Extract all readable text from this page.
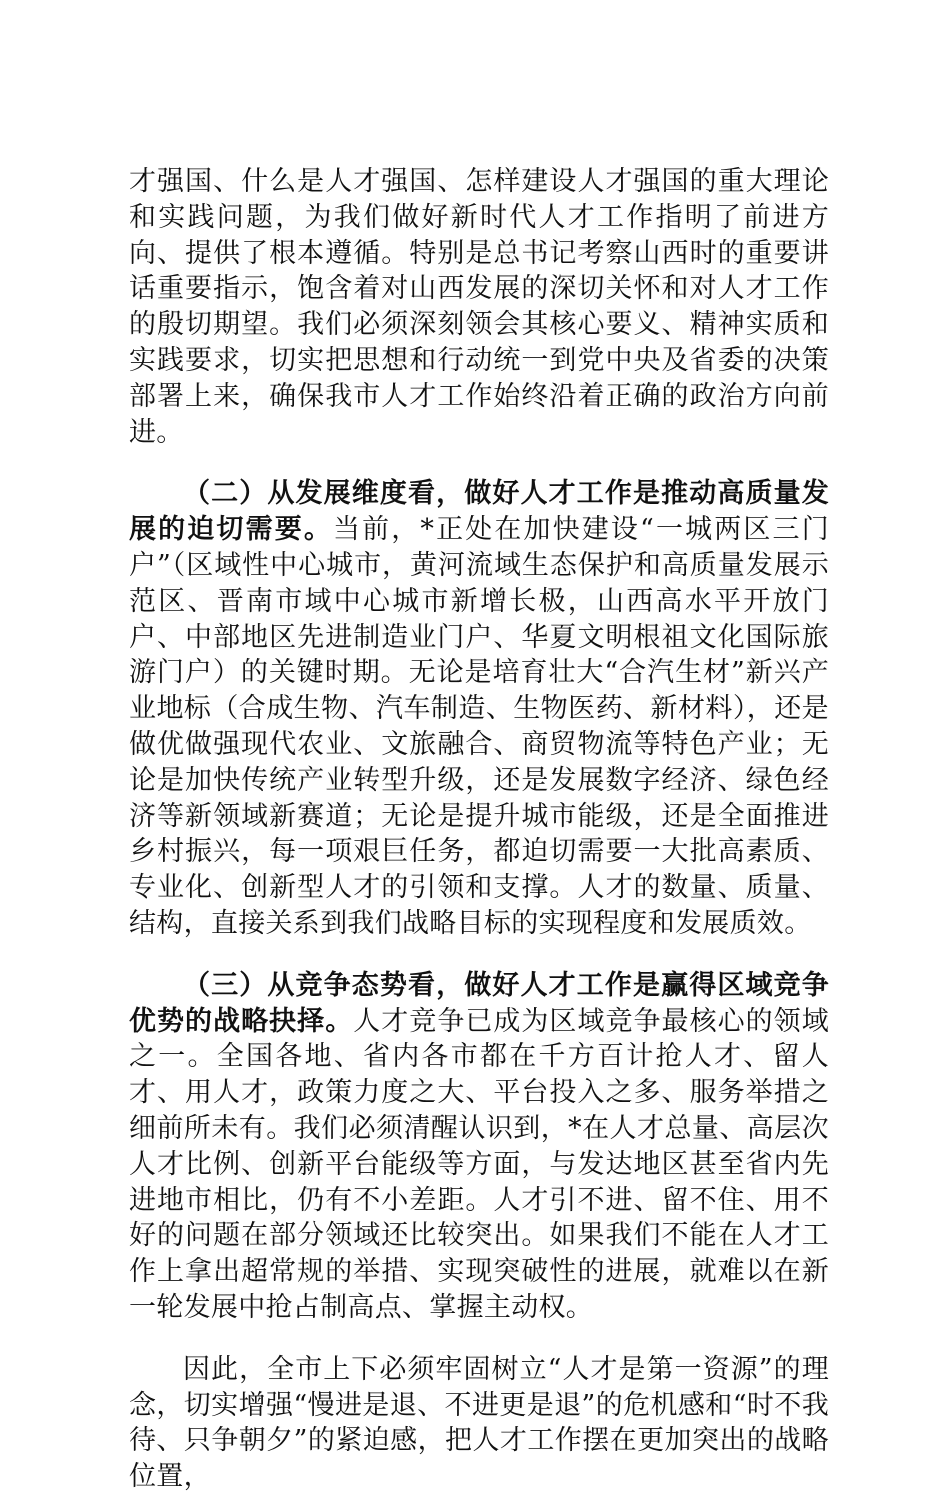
才强国、什么是人才强国、怎样建设人才强国的重大理论和实践问题，为我们做好新时代人才工作指明了前进方向、提供了根本遵循。特别是总书记考察山西时的重要讲话重要指示，饱含着对山西发展的深切关怀和对人才工作的殷切期望。我们必须深刻领会其核心要义、精神实质和实践要求，切实把思想和行动统一到党中央及省委的决策部署上来，确保我市人才工作始终沿着正确的政治方向前进。

（二）从发展维度看，做好人才工作是推动高质量发展的迫切需要。当前，*正处在加快建设“一城两区三门户”（区域性中心城市，黄河流域生态保护和高质量发展示范区、晋南市域中心城市新增长极，山西高水平开放门户、中部地区先进制造业门户、华夏文明根祖文化国际旅游门户）的关键时期。无论是培育壮大“合汽生材”新兴产业地标（合成生物、汽车制造、生物医药、新材料），还是做优做强现代农业、文旅融合、商贸物流等特色产业；无论是加快传统产业转型升级，还是发展数字经济、绿色经济等新领域新赛道；无论是提升城市能级，还是全面推进乡村振兴，每一项艰巨任务，都迫切需要一大批高素质、专业化、创新型人才的引领和支撑。人才的数量、质量、结构，直接关系到我们战略目标的实现程度和发展质效。

（三）从竞争态势看，做好人才工作是赢得区域竞争优势的战略抉择。人才竞争已成为区域竞争最核心的领域之一。全国各地、省内各市都在千方百计抢人才、留人才、用人才，政策力度之大、平台投入之多、服务举措之细前所未有。我们必须清醒认识到，*在人才总量、高层次人才比例、创新平台能级等方面，与发达地区甚至省内先进地市相比，仍有不小差距。人才引不进、留不住、用不好的问题在部分领域还比较突出。如果我们不能在人才工作上拿出超常规的举措、实现突破性的进展，就难以在新一轮发展中抢占制高点、掌握主动权。

因此，全市上下必须牢固树立“人才是第一资源”的理念，切实增强“慢进是退、不进更是退”的危机感和“时不我待、只争朝夕”的紧迫感，把人才工作摆在更加突出的战略位置，
